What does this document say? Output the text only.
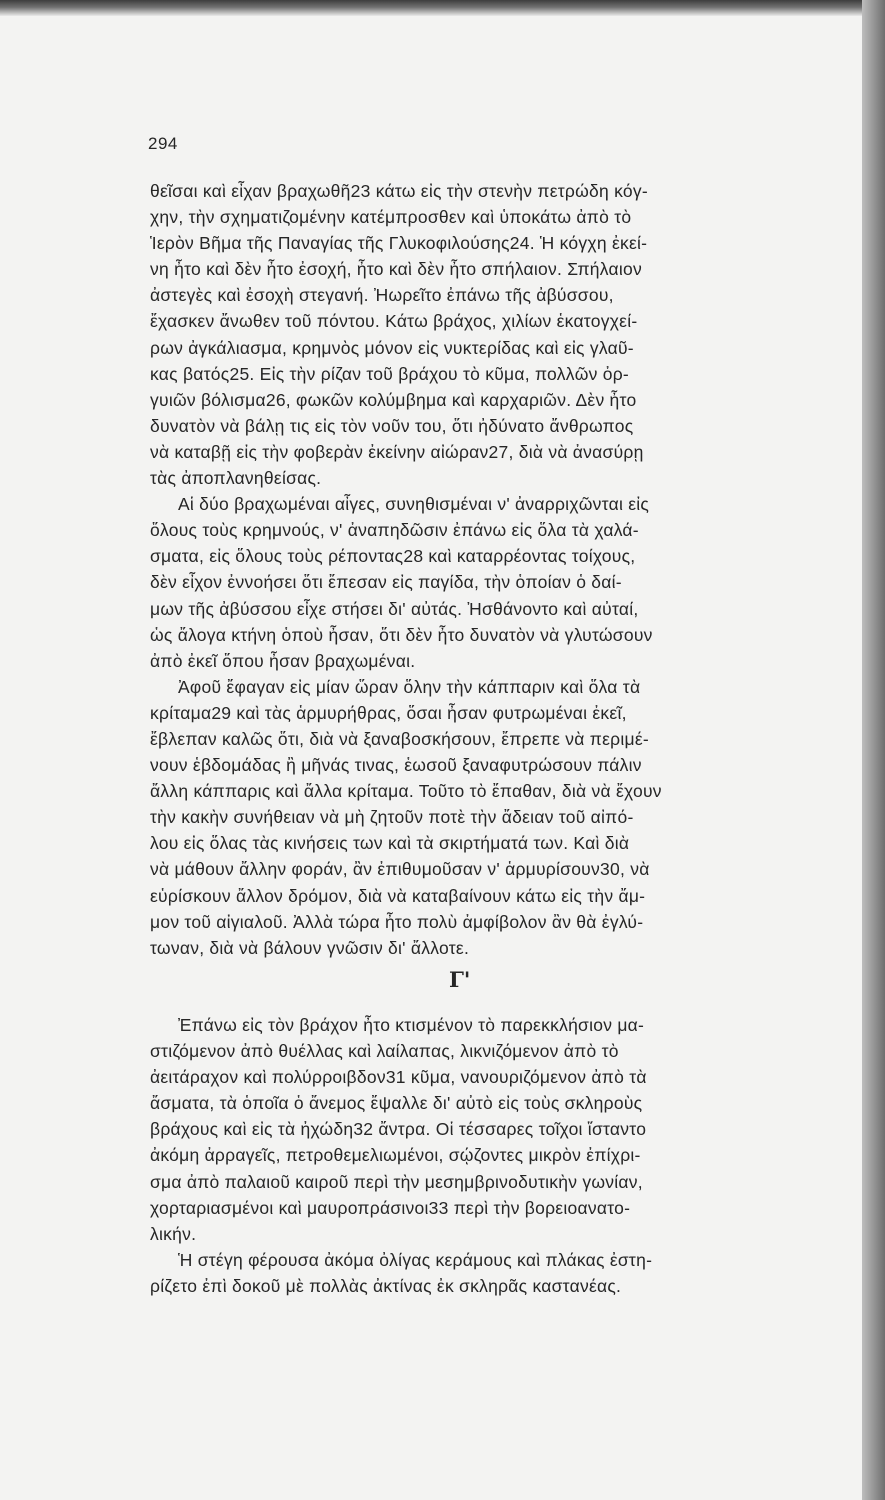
294
θεῖσαι καὶ εἶχαν βραχωθῆ23 κάτω εἰς τὴν στενὴν πετρώδη κόγ-
χην, τὴν σχηματιζομένην κατέμπροσθεν καὶ ὑποκάτω ἀπὸ τὸ
Ἱερὸν Βῆμα τῆς Παναγίας τῆς Γλυκοφιλούσης24. Ἡ κόγχη ἐκεί-
νη ἦτο καὶ δὲν ἦτο ἐσοχή, ἦτο καὶ δὲν ἦτο σπήλαιον. Σπήλαιον
ἀστεγὲς καὶ ἐσοχὴ στεγανή. Ἠωρεῖτο ἐπάνω τῆς ἀβύσσου,
ἔχασκεν ἄνωθεν τοῦ πόντου. Κάτω βράχος, χιλίων ἑκατογχεί-
ρων ἀγκάλιασμα, κρημνὸς μόνον εἰς νυκτερίδας καὶ εἰς γλαῦ-
κας βατός25. Εἰς τὴν ρίζαν τοῦ βράχου τὸ κῦμα, πολλῶν ὀρ-
γυιῶν βόλισμα26, φωκῶν κολύμβημα καὶ καρχαριῶν. Δὲν ἦτο
δυνατὸν νὰ βάλῃ τις εἰς τὸν νοῦν του, ὅτι ἠδύνατο ἄνθρωπος
νὰ καταβῇ εἰς τὴν φοβερὰν ἐκείνην αἰώραν27, διὰ νὰ ἀνασύρῃ
τὰς ἀποπλανηθείσας.
Αἱ δύο βραχωμέναι αἶγες, συνηθισμέναι ν' ἀναρριχῶνται εἰς
ὅλους τοὺς κρημνούς, ν' ἀναπηδῶσιν ἐπάνω εἰς ὅλα τὰ χαλά-
σματα, εἰς ὅλους τοὺς ρέποντας28 καὶ καταρρέοντας τοίχους,
δὲν εἶχον ἐννοήσει ὅτι ἔπεσαν εἰς παγίδα, τὴν ὁποίαν ὁ δαί-
μων τῆς ἀβύσσου εἶχε στήσει δι' αὐτάς. Ἠσθάνοντο καὶ αὐταί,
ὡς ἄλογα κτήνη ὁποὺ ἦσαν, ὅτι δὲν ἦτο δυνατὸν νὰ γλυτώσουν
ἀπὸ ἐκεῖ ὅπου ἦσαν βραχωμέναι.
Ἀφοῦ ἔφαγαν εἰς μίαν ὥραν ὅλην τὴν κάππαριν καὶ ὅλα τὰ
κρίταμα29 καὶ τὰς ἁρμυρήθρας, ὅσαι ἦσαν φυτρωμέναι ἐκεῖ,
ἔβλεπαν καλῶς ὅτι, διὰ νὰ ξαναβοσκήσουν, ἔπρεπε νὰ περιμέ-
νουν ἑβδομάδας ἢ μῆνάς τινας, ἑωσοῦ ξαναφυτρώσουν πάλιν
ἄλλη κάππαρις καὶ ἄλλα κρίταμα. Τοῦτο τὸ ἔπαθαν, διὰ νὰ ἔχουν
τὴν κακὴν συνήθειαν νὰ μὴ ζητοῦν ποτὲ τὴν ἄδειαν τοῦ αἰπό-
λου εἰς ὅλας τὰς κινήσεις των καὶ τὰ σκιρτήματά των. Καὶ διὰ
νὰ μάθουν ἄλλην φοράν, ἂν ἐπιθυμοῦσαν ν' ἁρμυρίσουν30, νὰ
εὑρίσκουν ἄλλον δρόμον, διὰ νὰ καταβαίνουν κάτω εἰς τὴν ἄμ-
μον τοῦ αἰγιαλοῦ. Ἀλλὰ τώρα ἦτο πολὺ ἀμφίβολον ἂν θὰ ἐγλύ-
τωναν, διὰ νὰ βάλουν γνῶσιν δι' ἄλλοτε.
Γ'
Ἐπάνω εἰς τὸν βράχον ἦτο κτισμένον τὸ παρεκκλήσιον μα-
στιζόμενον ἀπὸ θυέλλας καὶ λαίλαπας, λικνιζόμενον ἀπὸ τὸ
ἀειτάραχον καὶ πολύρροιβδον31 κῦμα, νανουριζόμενον ἀπὸ τὰ
ἄσματα, τὰ ὁποῖα ὁ ἄνεμος ἔψαλλε δι' αὐτὸ εἰς τοὺς σκληροὺς
βράχους καὶ εἰς τὰ ἠχώδη32 ἄντρα. Οἱ τέσσαρες τοῖχοι ἵσταντο
ἀκόμη ἀρραγεῖς, πετροθεμελιωμένοι, σῴζοντες μικρὸν ἐπίχρι-
σμα ἀπὸ παλαιοῦ καιροῦ περὶ τὴν μεσημβρινοδυτικὴν γωνίαν,
χορταριασμένοι καὶ μαυροπράσινοι33 περὶ τὴν βορειοανατο-
λικήν.
Ἡ στέγη φέρουσα ἀκόμα ὀλίγας κεράμους καὶ πλάκας ἐστη-
ρίζετο ἐπὶ δοκοῦ μὲ πολλὰς ἀκτίνας ἐκ σκληρᾶς καστανέας.
